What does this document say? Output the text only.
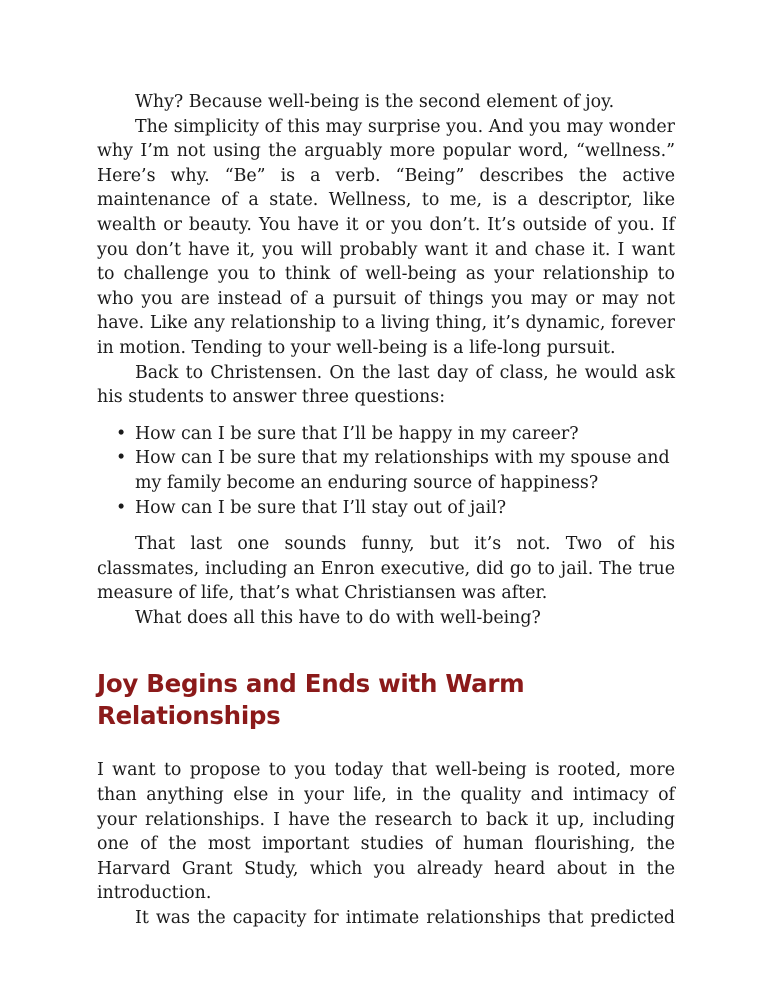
Why? Because well-being is the second element of joy.

The simplicity of this may surprise you. And you may wonder why I’m not using the arguably more popular word, “wellness.” Here’s why. “Be” is a verb. “Being” describes the active maintenance of a state. Wellness, to me, is a descriptor, like wealth or beauty. You have it or you don’t. It’s outside of you. If you don’t have it, you will probably want it and chase it. I want to challenge you to think of well-being as your relationship to who you are instead of a pursuit of things you may or may not have. Like any relationship to a living thing, it’s dynamic, forever in motion. Tending to your well-being is a life-long pursuit.

Back to Christensen. On the last day of class, he would ask his students to answer three questions:

• How can I be sure that I’ll be happy in my career?
• How can I be sure that my relationships with my spouse and my family become an enduring source of happiness?
• How can I be sure that I’ll stay out of jail?

That last one sounds funny, but it’s not. Two of his classmates, including an Enron executive, did go to jail. The true measure of life, that’s what Christiansen was after.

What does all this have to do with well-being?

Joy Begins and Ends with Warm Relationships

I want to propose to you today that well-being is rooted, more than anything else in your life, in the quality and intimacy of your relationships. I have the research to back it up, including one of the most important studies of human flourishing, the Harvard Grant Study, which you already heard about in the introduction.

It was the capacity for intimate relationships that predicted
